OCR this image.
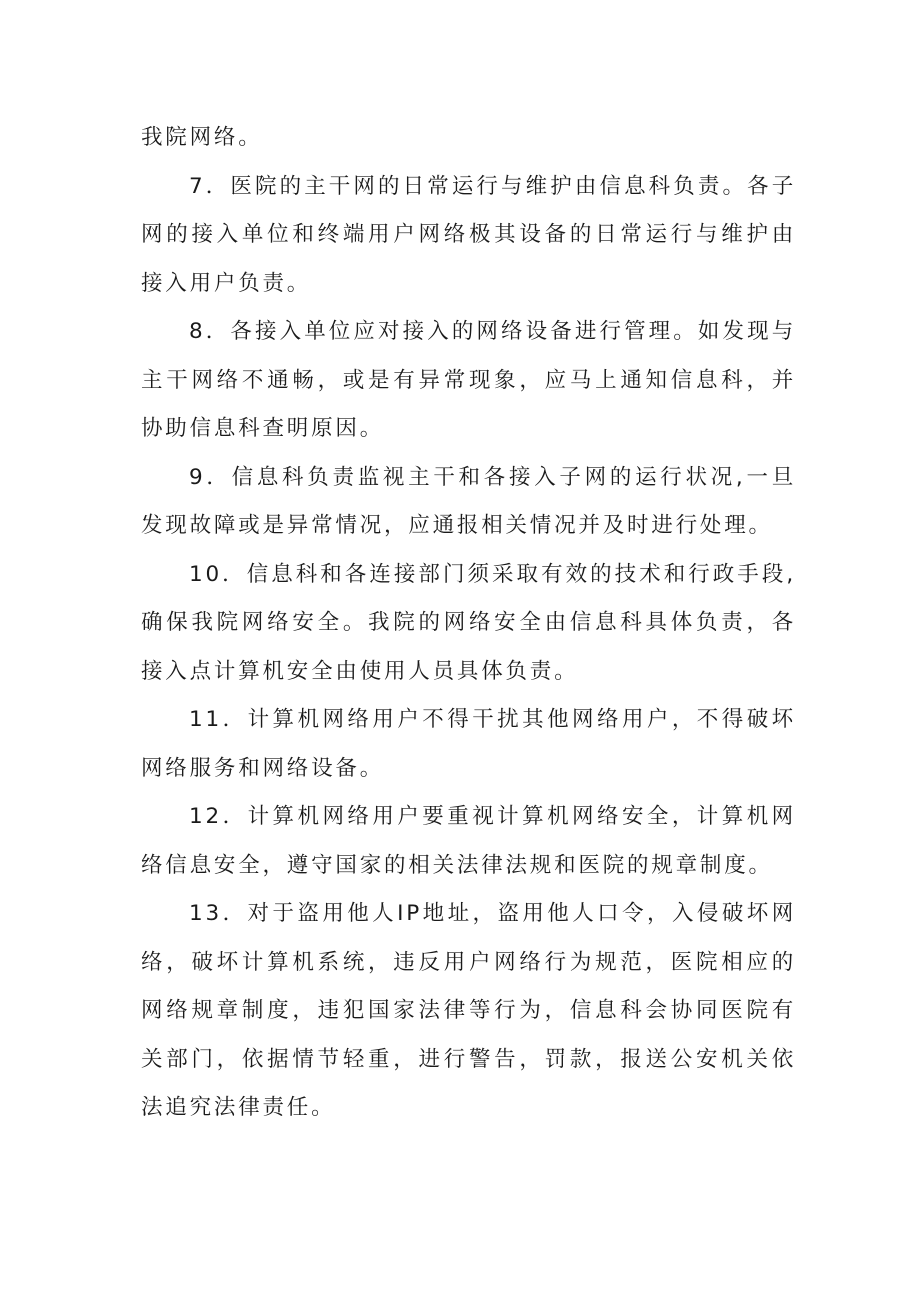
我院网络。

7．医院的主干网的日常运行与维护由信息科负责。各子网的接入单位和终端用户网络极其设备的日常运行与维护由接入用户负责。

8．各接入单位应对接入的网络设备进行管理。如发现与主干网络不通畅，或是有异常现象，应马上通知信息科，并协助信息科查明原因。

9．信息科负责监视主干和各接入子网的运行状况,一旦发现故障或是异常情况，应通报相关情况并及时进行处理。

10．信息科和各连接部门须采取有效的技术和行政手段,确保我院网络安全。我院的网络安全由信息科具体负责，各接入点计算机安全由使用人员具体负责。

11．计算机网络用户不得干扰其他网络用户，不得破坏网络服务和网络设备。

12．计算机网络用户要重视计算机网络安全，计算机网络信息安全，遵守国家的相关法律法规和医院的规章制度。

13．对于盗用他人IP地址，盗用他人口令，入侵破坏网络，破坏计算机系统，违反用户网络行为规范，医院相应的网络规章制度，违犯国家法律等行为，信息科会协同医院有关部门，依据情节轻重，进行警告，罚款，报送公安机关依法追究法律责任。
